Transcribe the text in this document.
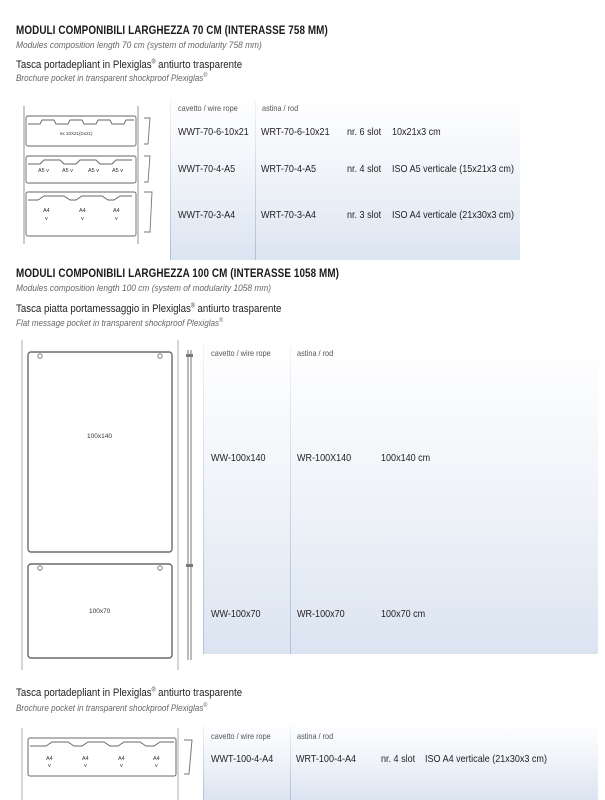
MODULI COMPONIBILI LARGHEZZA 70 CM (INTERASSE 758 MM)
Modules composition length 70 cm (system of modularity 758 mm)
Tasca portadepliant in Plexiglas® antiurto trasparente
Brochure pocket in transparent shockproof Plexiglas®
cavetto / wire rope	astina / rod
WWT-70-6-10x21 WRT-70-6-10x21 nr. 6 slot 10x21x3 cm
WWT-70-4-A5 WRT-70-4-A5	nr. 4 slot ISO A5 verticale (15x21x3 cm)
WWT-70-3-A4 WRT-70-3-A4	nr. 3 slot ISO A4 verticale (21x30x3 cm)
6x 10X21(Dx21)
A5 v A5 v	A5 v A5 v
A4	A4	A4
v	v	v
MODULI COMPONIBILI LARGHEZZA 100 CM (INTERASSE 1058 MM)
Modules composition length 100 cm (system of modularity 1058 mm)
Tasca piatta portamessaggio in Plexiglas® antiurto trasparente
Flat message pocket in transparent shockproof Plexiglas®
cavetto / wire rope	astina / rod
WW-100x140	WR-100X140	100x140 cm
WW-100x70	WR-100x70	100x70 cm
100x140
100x70
Tasca portadepliant in Plexiglas® antiurto trasparente
Brochure pocket in transparent shockproof Plexiglas®
cavetto / wire rope	astina / rod
WWT-100-4-A4 WRT-100-4-A4 nr. 4 slot ISO A4 verticale (21x30x3 cm)
A4	A4	A4	A4
v	v	v	v
